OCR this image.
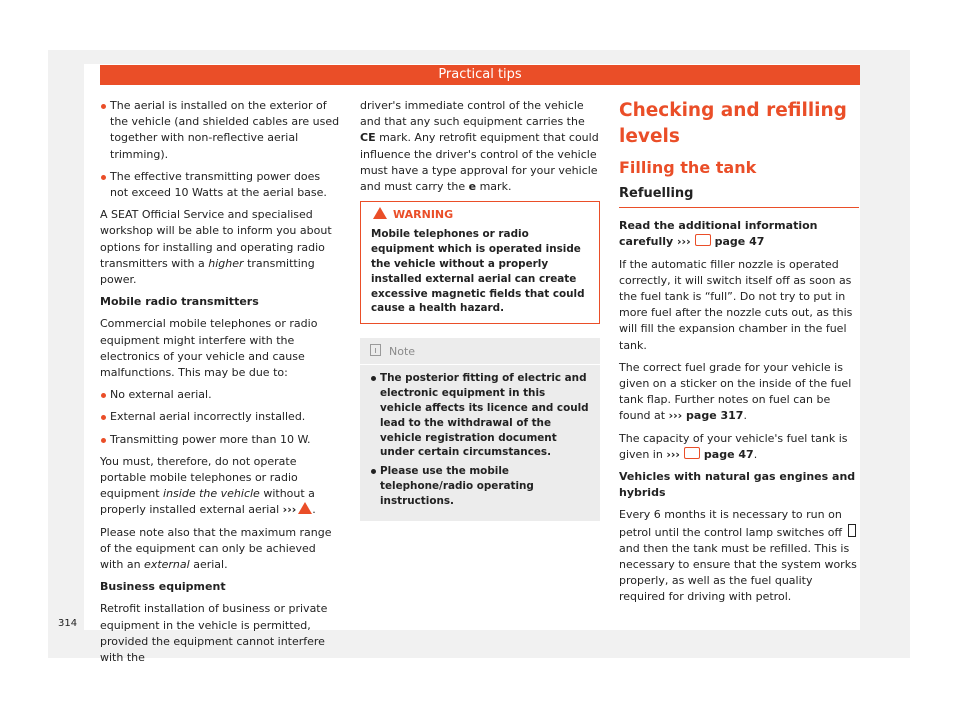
Practical tips

The aerial is installed on the exterior of the vehicle (and shielded cables are used together with non-reflective aerial trimming).

The effective transmitting power does not exceed 10 Watts at the aerial base.

A SEAT Official Service and specialised workshop will be able to inform you about options for installing and operating radio transmitters with a higher transmitting power.

Mobile radio transmitters

Commercial mobile telephones or radio equipment might interfere with the electronics of your vehicle and cause malfunctions. This may be due to:

No external aerial.

External aerial incorrectly installed.

Transmitting power more than 10 W.

You must, therefore, do not operate portable mobile telephones or radio equipment inside the vehicle without a properly installed external aerial ››› .

Please note also that the maximum range of the equipment can only be achieved with an external aerial.

Business equipment

Retrofit installation of business or private equipment in the vehicle is permitted, provided the equipment cannot interfere with the

driver's immediate control of the vehicle and that any such equipment carries the CE mark. Any retrofit equipment that could influence the driver's control of the vehicle must have a type approval for your vehicle and must carry the e mark.

WARNING
Mobile telephones or radio equipment which is operated inside the vehicle without a properly installed external aerial can create excessive magnetic fields that could cause a health hazard.
Note

The posterior fitting of electric and electronic equipment in this vehicle affects its licence and could lead to the withdrawal of the vehicle registration document under certain circumstances.

Please use the mobile telephone/radio operating instructions.

Checking and refilling levels

Filling the tank

Refuelling

Read the additional information carefully ››› page 47

If the automatic filler nozzle is operated correctly, it will switch itself off as soon as the fuel tank is “full”. Do not try to put in more fuel after the nozzle cuts out, as this will fill the expansion chamber in the fuel tank.

The correct fuel grade for your vehicle is given on a sticker on the inside of the fuel tank flap. Further notes on fuel can be found at ››› page 317.

The capacity of your vehicle's fuel tank is given in ››› page 47.

Vehicles with natural gas engines and hybrids

Every 6 months it is necessary to run on petrol until the control lamp switches off  and then the tank must be refilled. This is necessary to ensure that the system works properly, as well as the fuel quality required for driving with petrol.

314
